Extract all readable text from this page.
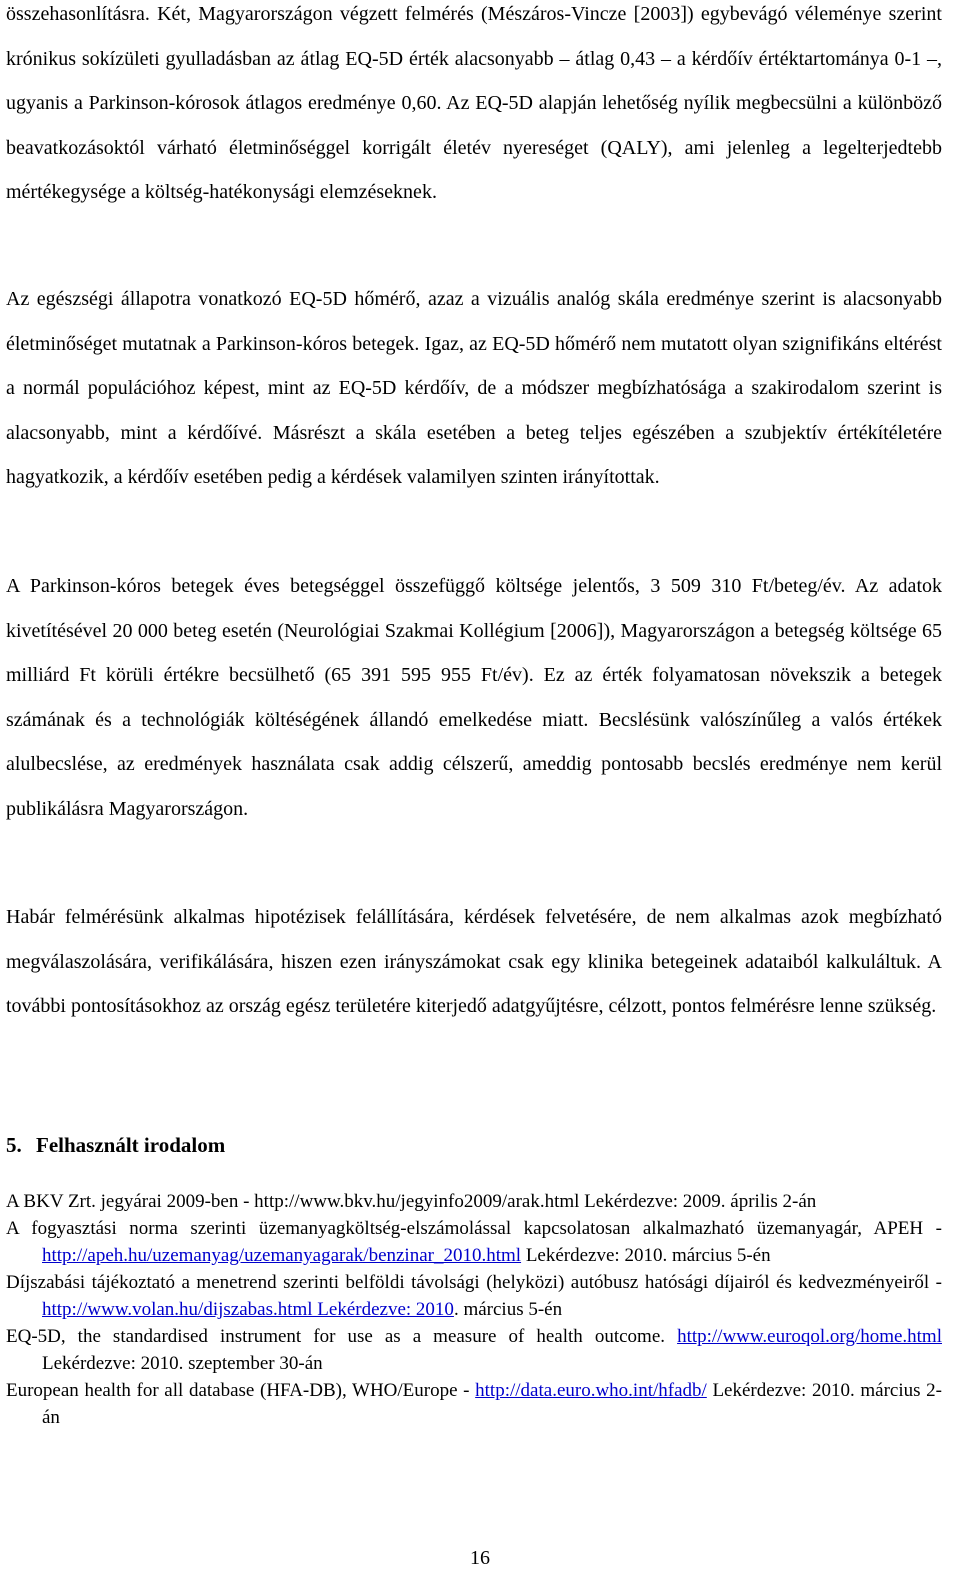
összehasonlításra. Két, Magyarországon végzett felmérés (Mészáros-Vincze [2003]) egybevágó véleménye szerint krónikus sokízületi gyulladásban az átlag EQ-5D érték alacsonyabb – átlag 0,43 – a kérdőív értéktartománya 0-1 –, ugyanis a Parkinson-kórosok átlagos eredménye 0,60. Az EQ-5D alapján lehetőség nyílik megbecsülni a különböző beavatkozásoktól várható életminőséggel korrigált életév nyereséget (QALY), ami jelenleg a legelterjedtebb mértékegysége a költség-hatékonysági elemzéseknek.

Az egészségi állapotra vonatkozó EQ-5D hőmérő, azaz a vizuális analóg skála eredménye szerint is alacsonyabb életminőséget mutatnak a Parkinson-kóros betegek. Igaz, az EQ-5D hőmérő nem mutatott olyan szignifikáns eltérést a normál populációhoz képest, mint az EQ-5D kérdőív, de a módszer megbízhatósága a szakirodalom szerint is alacsonyabb, mint a kérdőívé. Másrészt a skála esetében a beteg teljes egészében a szubjektív értékítéletére hagyatkozik, a kérdőív esetében pedig a kérdések valamilyen szinten irányítottak.

A Parkinson-kóros betegek éves betegséggel összefüggő költsége jelentős, 3 509 310 Ft/beteg/év. Az adatok kivetítésével 20 000 beteg esetén (Neurológiai Szakmai Kollégium [2006]), Magyarországon a betegség költsége 65 milliárd Ft körüli értékre becsülhető (65 391 595 955 Ft/év). Ez az érték folyamatosan növekszik a betegek számának és a technológiák költéségének állandó emelkedése miatt. Becslésünk valószínűleg a valós értékek alulbecslése, az eredmények használata csak addig célszerű, ameddig pontosabb becslés eredménye nem kerül publikálásra Magyarországon.

Habár felmérésünk alkalmas hipotézisek felállítására, kérdések felvetésére, de nem alkalmas azok megbízható megválaszolására, verifikálására, hiszen ezen irányszámokat csak egy klinika betegeinek adataiból kalkuláltuk. A további pontosításokhoz az ország egész területére kiterjedő adatgyűjtésre, célzott, pontos felmérésre lenne szükség.

5. Felhasznált irodalom
A BKV Zrt. jegyárai 2009-ben - http://www.bkv.hu/jegyinfo2009/arak.html Lekérdezve: 2009. április 2-án
A fogyasztási norma szerinti üzemanyagköltség-elszámolással kapcsolatosan alkalmazható üzemanyagár, APEH - http://apeh.hu/uzemanyag/uzemanyagarak/benzinar_2010.html Lekérdezve: 2010. március 5-én
Díjszabási tájékoztató a menetrend szerinti belföldi távolsági (helyközi) autóbusz hatósági díjairól és kedvezményeiről - http://www.volan.hu/dijszabas.html Lekérdezve: 2010. március 5-én
EQ-5D, the standardised instrument for use as a measure of health outcome. http://www.euroqol.org/home.html Lekérdezve: 2010. szeptember 30-án
European health for all database (HFA-DB), WHO/Europe - http://data.euro.who.int/hfadb/ Lekérdezve: 2010. március 2-án
16
